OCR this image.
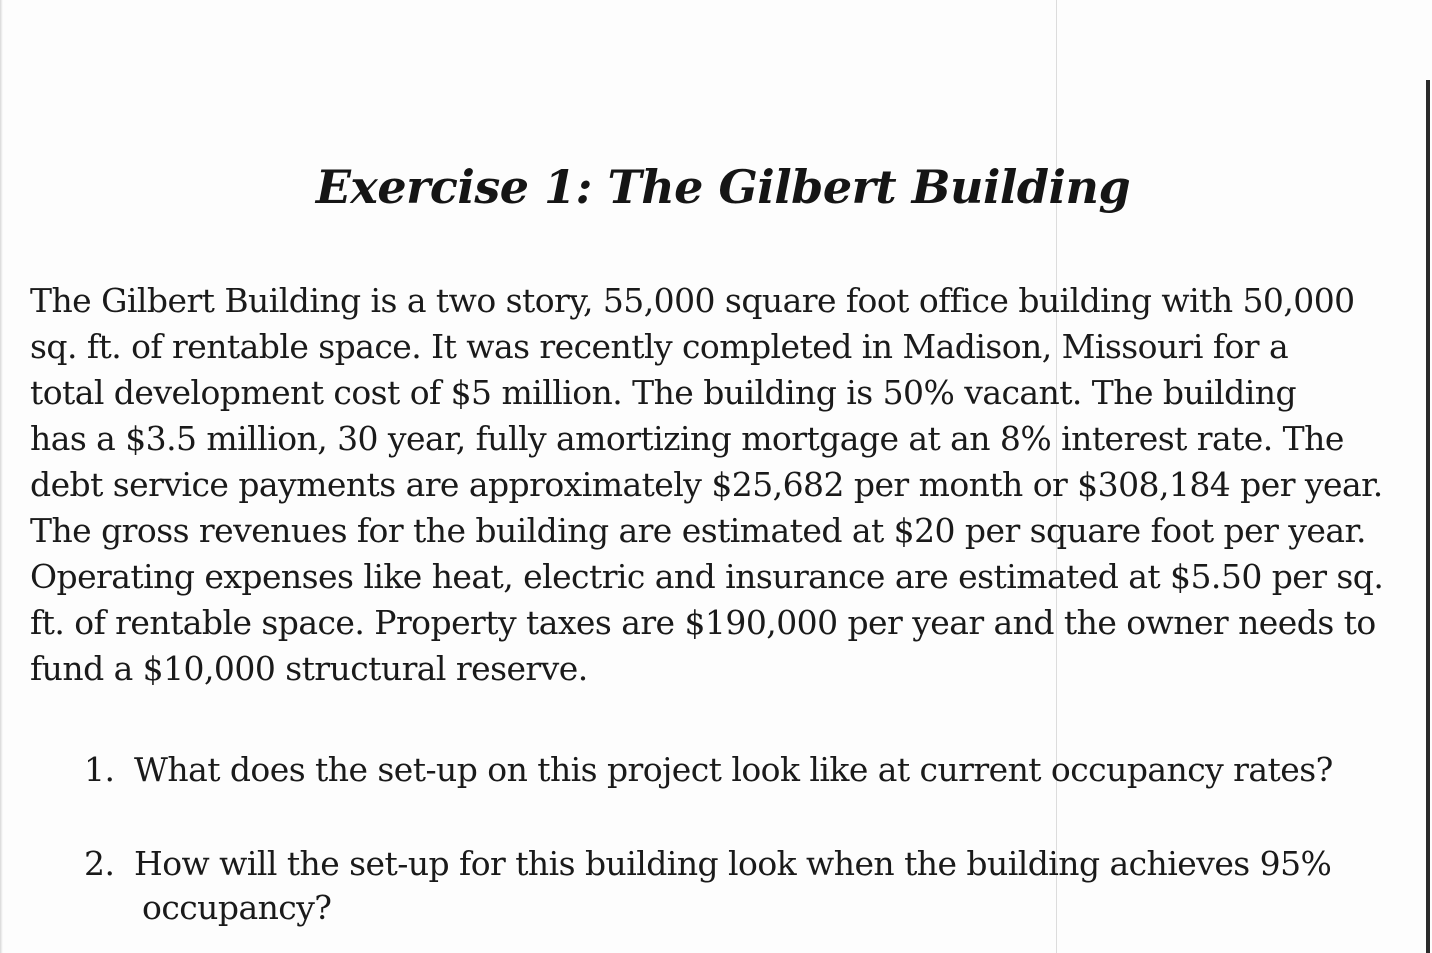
Exercise 1: The Gilbert Building
The Gilbert Building is a two story, 55,000 square foot office building with 50,000
sq. ft. of rentable space. It was recently completed in Madison, Missouri for a
total development cost of $5 million. The building is 50% vacant. The building
has a $3.5 million, 30 year, fully amortizing mortgage at an 8% interest rate. The
debt service payments are approximately $25,682 per month or $308,184 per year.
The gross revenues for the building are estimated at $20 per square foot per year.
Operating expenses like heat, electric and insurance are estimated at $5.50 per sq.
ft. of rentable space. Property taxes are $190,000 per year and the owner needs to
fund a $10,000 structural reserve.
1. What does the set-up on this project look like at current occupancy rates?
2. How will the set-up for this building look when the building achieves 95%
occupancy?
